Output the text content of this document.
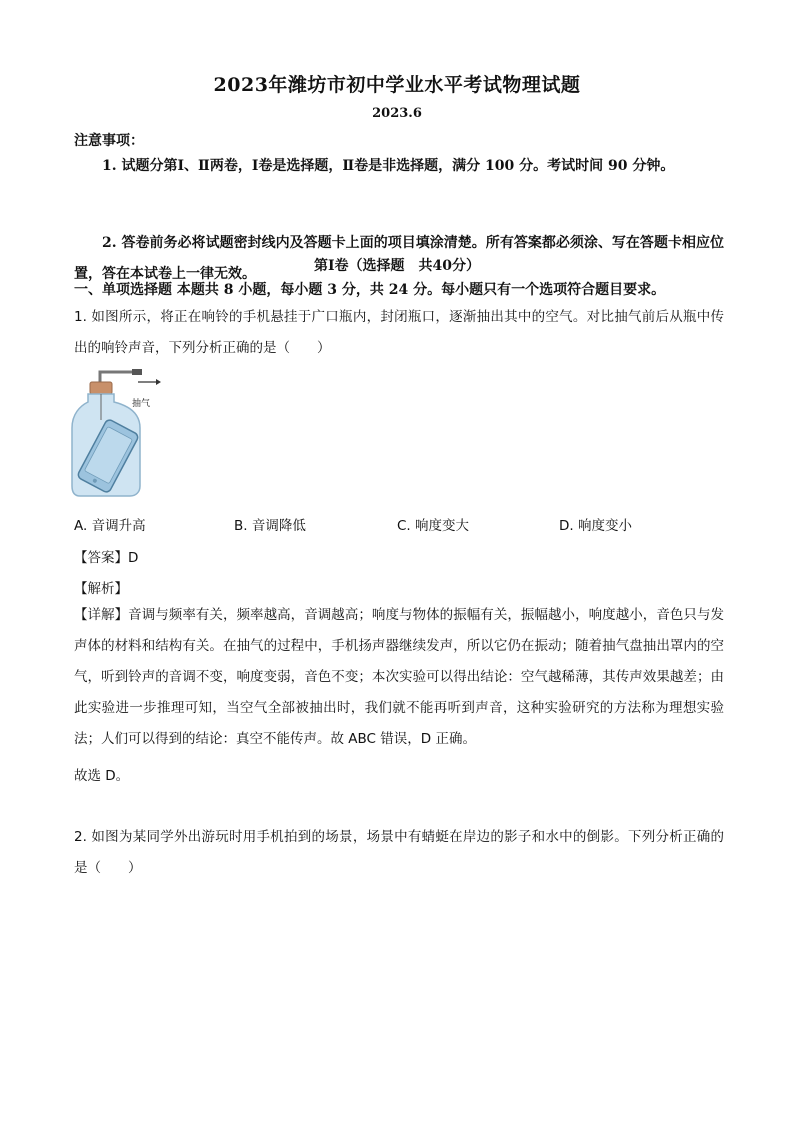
2023年潍坊市初中学业水平考试物理试题
2023.6
注意事项：
1. 试题分第Ⅰ、Ⅱ两卷，Ⅰ卷是选择题，Ⅱ卷是非选择题，满分 100 分。考试时间 90 分钟。
2. 答卷前务必将试题密封线内及答题卡上面的项目填涂清楚。所有答案都必须涂、写在答题卡相应位置，答在本试卷上一律无效。	第Ⅰ卷（选择题　共40分）
一、单项选择题 本题共 8 小题，每小题 3 分，共 24 分。每小题只有一个选项符合题目要求。
1. 如图所示，将正在响铃的手机悬挂于广口瓶内，封闭瓶口，逐渐抽出其中的空气。对比抽气前后从瓶中传出的响铃声音，下列分析正确的是（　　）
抽气
A. 音调升高	B. 音调降低	C. 响度变大	D. 响度变小
【答案】D
【解析】
【详解】音调与频率有关，频率越高，音调越高；响度与物体的振幅有关，振幅越小，响度越小，音色只与发声体的材料和结构有关。在抽气的过程中，手机扬声器继续发声，所以它仍在振动；随着抽气盘抽出罩内的空气，听到铃声的音调不变，响度变弱，音色不变；本次实验可以得出结论：空气越稀薄，其传声效果越差；由此实验进一步推理可知，当空气全部被抽出时，我们就不能再听到声音，这种实验研究的方法称为理想实验法；人们可以得到的结论：真空不能传声。故 ABC 错误，D 正确。
故选 D。
2. 如图为某同学外出游玩时用手机拍到的场景，场景中有蜻蜓在岸边的影子和水中的倒影。下列分析正确的是（　　）
